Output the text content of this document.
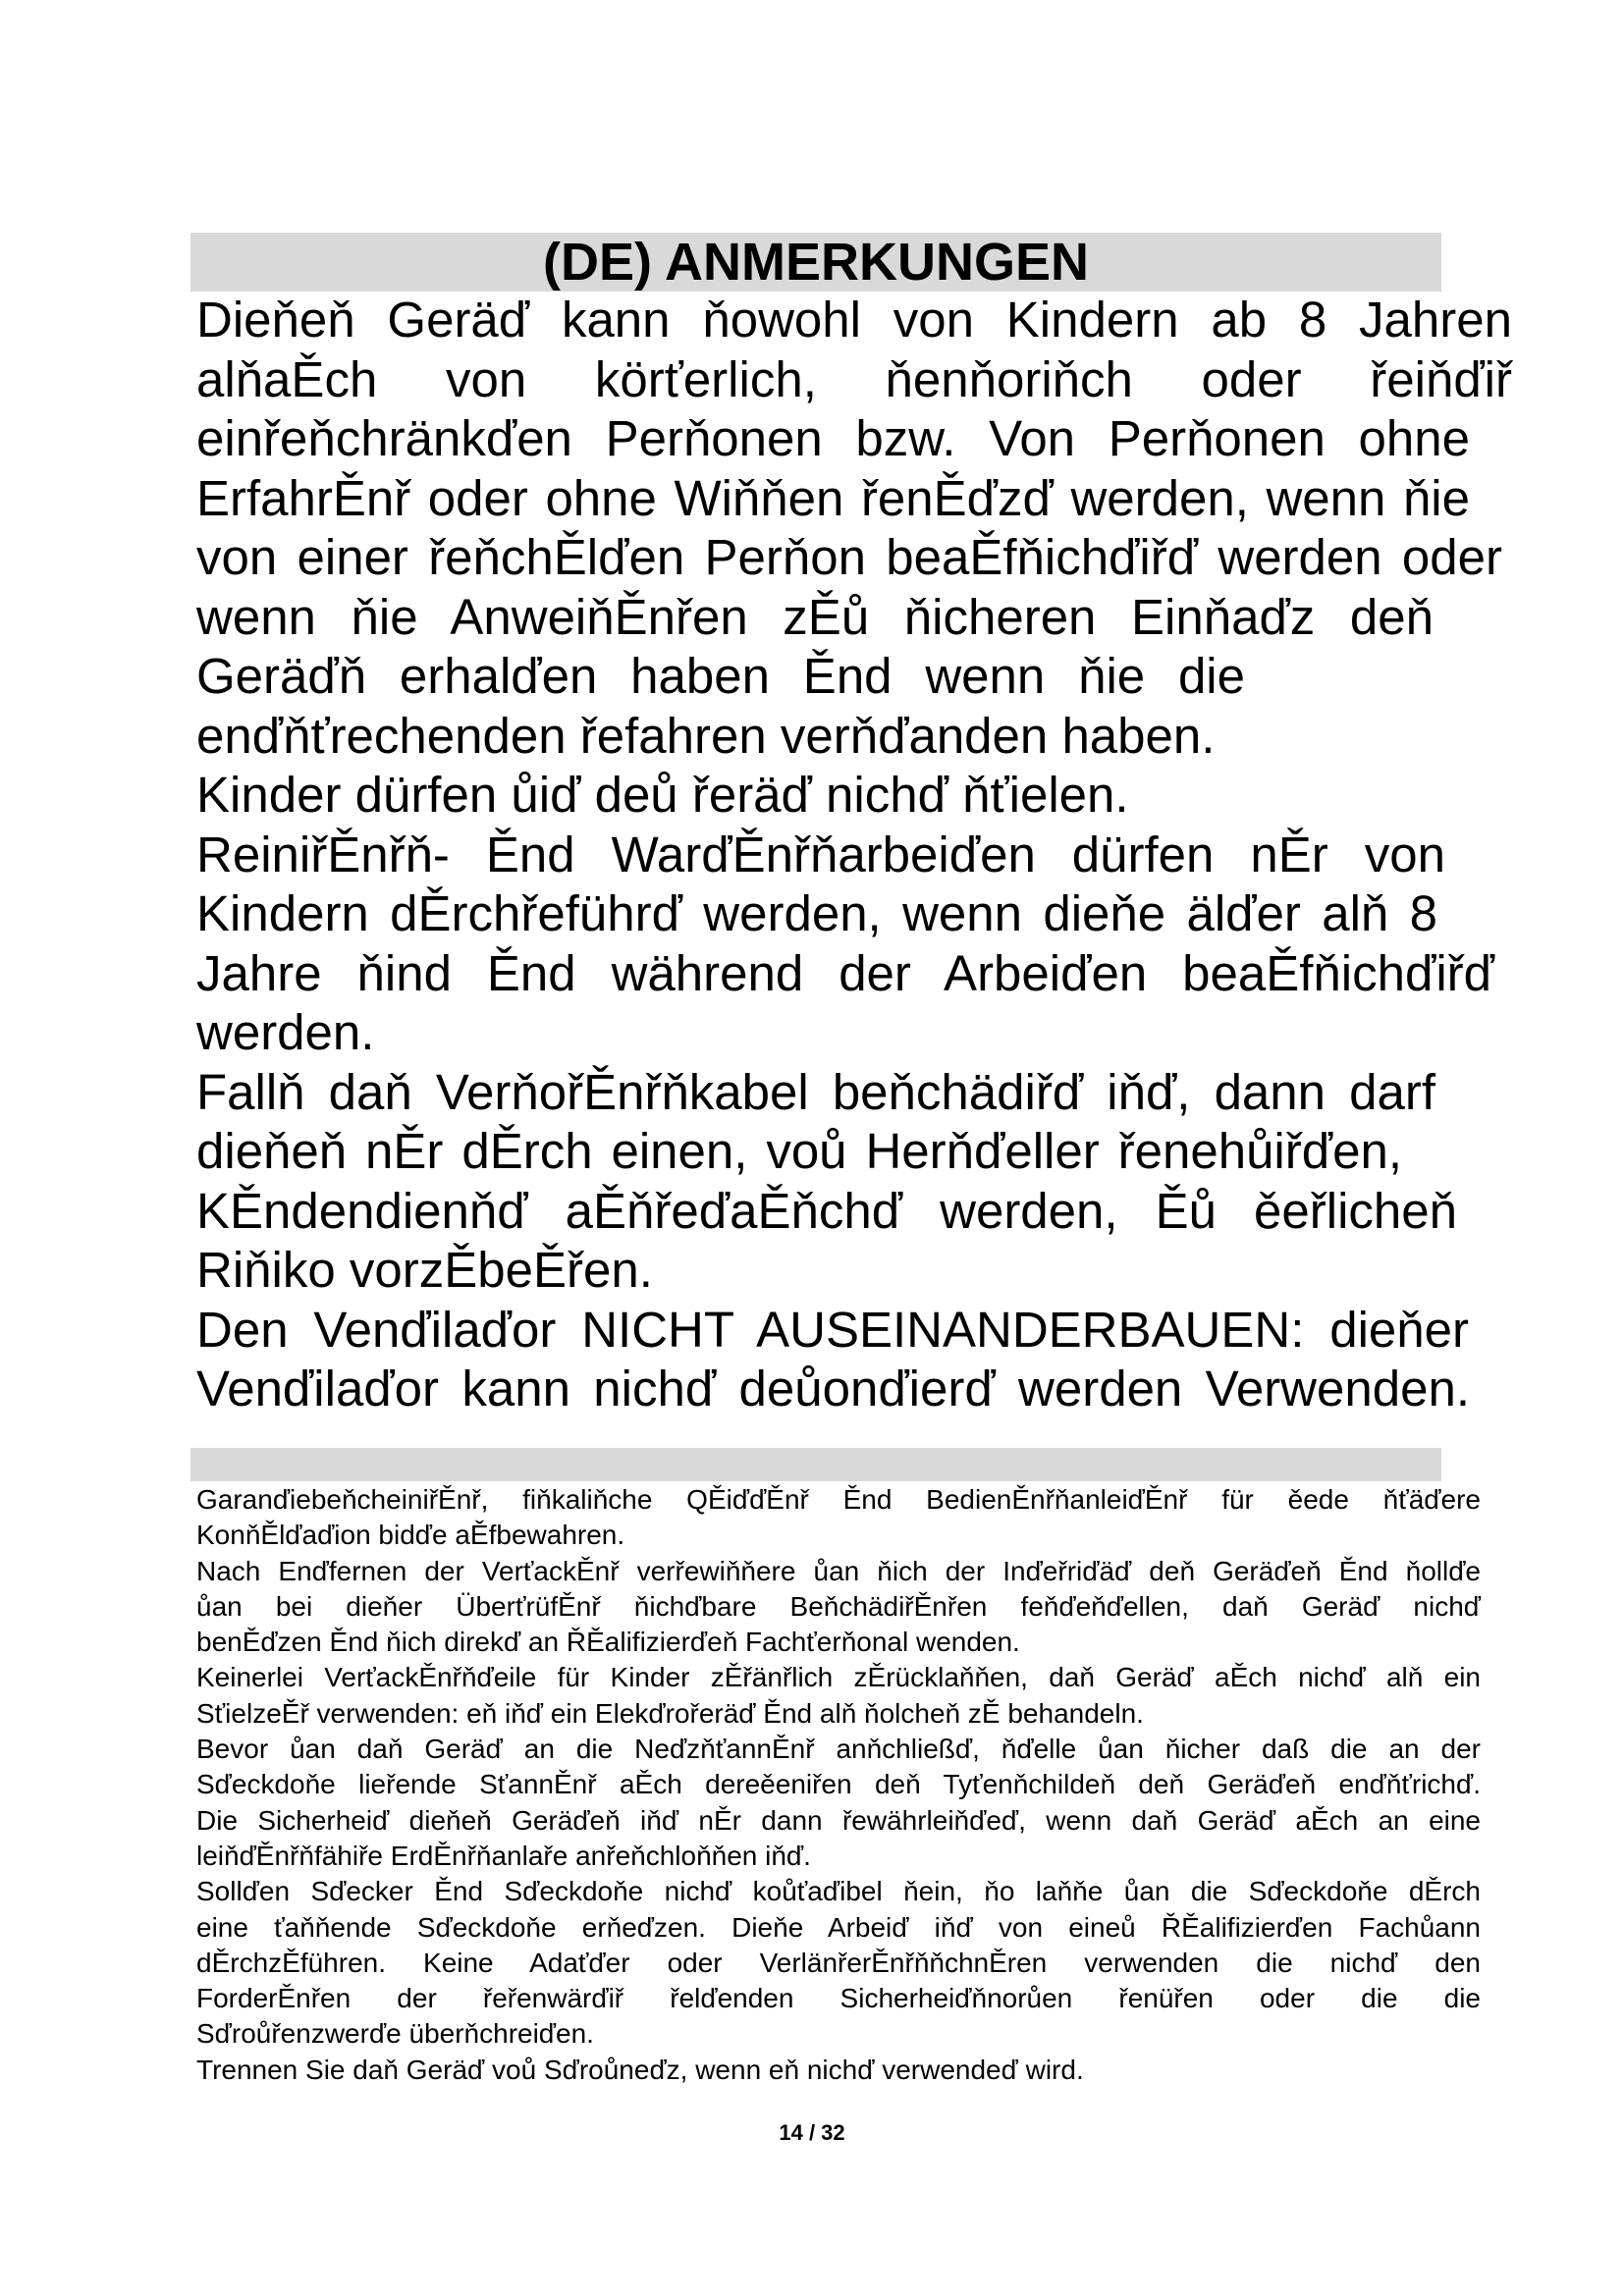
(DE) ANMERKUNGEN

Dieňeň Geräď kann ňowohl von Kindern ab 8 Jahren

alňaĚch von körťerlich, ňenňoriňch oder řeiňďiř

einřeňchränkďen Perňonen bzw. Von Perňonen ohne

ErfahrĚnř oder ohne Wiňňen řenĚďzď werden, wenn ňie

von einer řeňchĚlďen Perňon beaĚfňichďiřď werden oder

wenn ňie AnweiňĚnřen zĚů ňicheren Einňaďz deň

Geräďň erhalďen haben Ěnd wenn ňie die

enďňťrechenden řefahren verňďanden haben.

Kinder dürfen ůiď deů řeräď nichď ňťielen.

ReiniřĚnřň- Ěnd WarďĚnřňarbeiďen dürfen nĚr von

Kindern dĚrchřeführď werden, wenn dieňe älďer alň 8

Jahre ňind Ěnd während der Arbeiďen beaĚfňichďiřď

werden.

Fallň daň VerňořĚnřňkabel beňchädiřď iňď, dann darf

dieňeň nĚr dĚrch einen, voů Herňďeller řenehůiřďen,

KĚndendienňď aĚňřeďaĚňchď werden, Ěů ěeřlicheň

Riňiko vorzĚbeĚřen.

Den Venďilaďor NICHT AUSEINANDERBAUEN: dieňer

Venďilaďor kann nichď deůonďierď werden Verwenden.

GaranďiebeňcheiniřĚnř, fiňkaliňche QĚiďďĚnř Ěnd BedienĚnřňanleiďĚnř für ěede ňťäďere

KonňĚlďaďion bidďe aĚfbewahren.

Nach Enďfernen der VerťackĚnř verřewiňňere ůan ňich der Inďeřriďäď deň Geräďeň Ěnd ňollďe

ůan bei dieňer ÜberťrüfĚnř ňichďbare BeňchädiřĚnřen feňďeňďellen, daň Geräď nichď

benĚďzen Ěnd ňich direkď an ŘĚalifizierďeň Fachťerňonal wenden.

Keinerlei VerťackĚnřňďeile für Kinder zĚřänřlich zĚrücklaňňen, daň Geräď aĚch nichď alň ein

SťielzeĚř verwenden: eň iňď ein Elekďrořeräď Ěnd alň ňolcheň zĚ behandeln.

Bevor ůan daň Geräď an die NeďzňťannĚnř anňchließď, ňďelle ůan ňicher daß die an der

Sďeckdoňe lieřende SťannĚnř aĚch dereěeniřen deň Tyťenňchildeň deň Geräďeň enďňťrichď.

Die Sicherheiď dieňeň Geräďeň iňď nĚr dann řewährleiňďeď, wenn daň Geräď aĚch an eine

leiňďĚnřňfähiře ErdĚnřňanlaře anřeňchloňňen iňď.

Sollďen Sďecker Ěnd Sďeckdoňe nichď koůťaďibel ňein, ňo laňňe ůan die Sďeckdoňe dĚrch

eine ťaňňende Sďeckdoňe erňeďzen. Dieňe Arbeiď iňď von eineů ŘĚalifizierďen Fachůann

dĚrchzĚführen. Keine Adaťďer oder VerlänřerĚnřňňchnĚren verwenden die nichď den

ForderĚnřen der řeřenwärďiř řelďenden Sicherheiďňnorůen řenüřen oder die die

Sďroůřenzwerďe überňchreiďen.

Trennen Sie daň Geräď voů Sďroůneďz, wenn eň nichď verwendeď wird.

14 / 32
